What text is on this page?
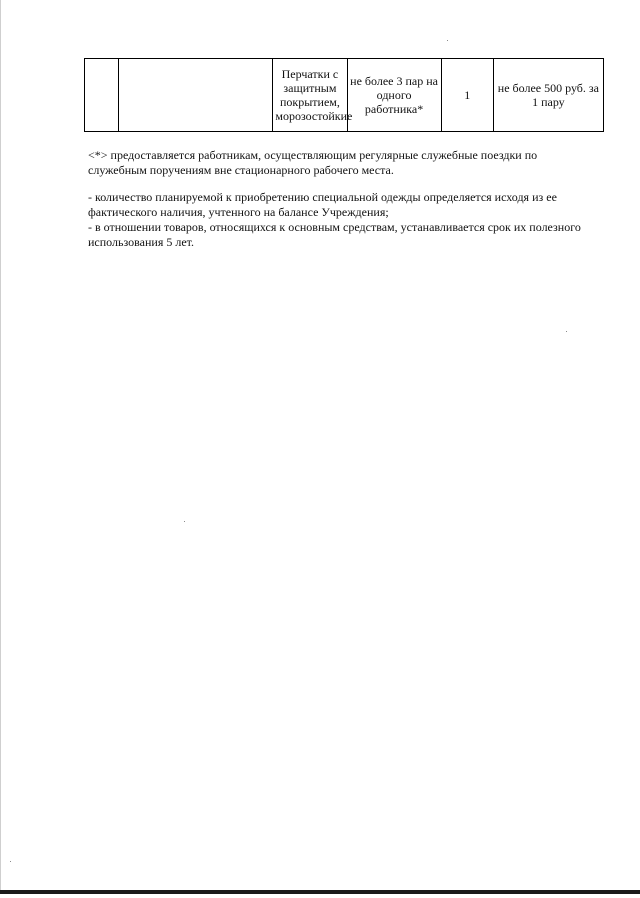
		Перчатки с защитным покрытием, морозостойкие	не более 3 пар на одного работника*	1	не более 500 руб. за 1 пару

<*> предоставляется работникам, осуществляющим регулярные служебные поездки по служебным поручениям вне стационарного рабочего места.

- количество планируемой к приобретению специальной одежды определяется исходя из ее фактического наличия, учтенного на балансе Учреждения;

- в отношении товаров, относящихся к основным средствам, устанавливается срок их полезного использования 5 лет.
